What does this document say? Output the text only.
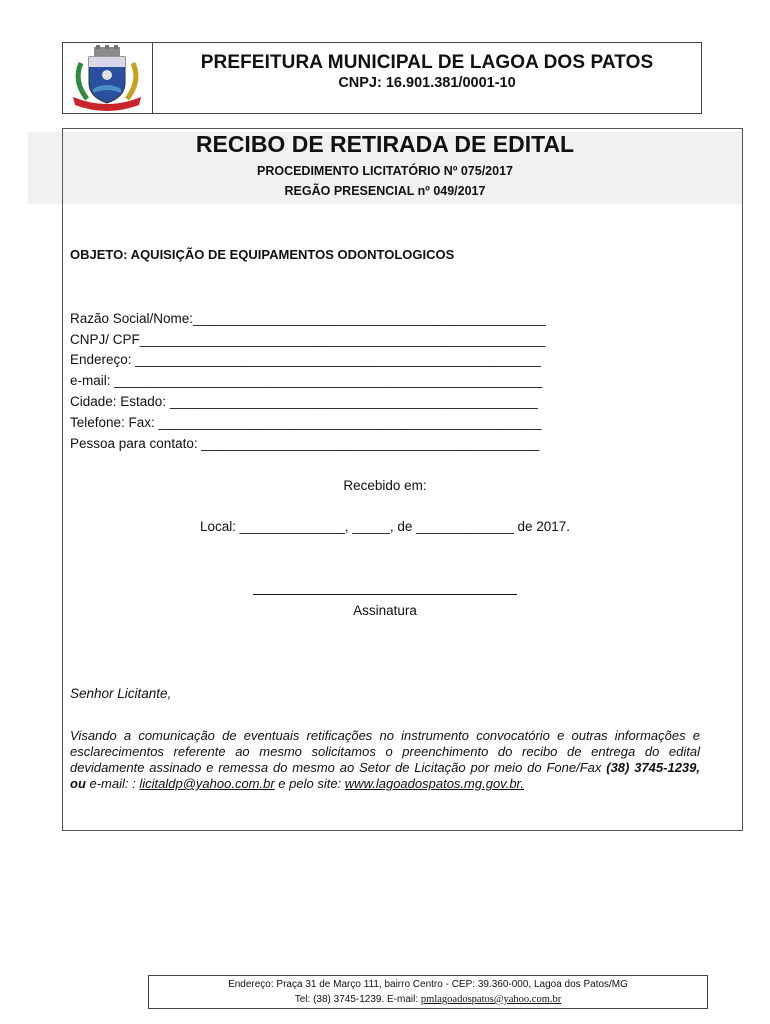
PREFEITURA MUNICIPAL DE LAGOA DOS PATOS
CNPJ: 16.901.381/0001-10
RECIBO DE RETIRADA DE EDITAL
PROCEDIMENTO LICITATÓRIO Nº 075/2017
REGÃO PRESENCIAL nº 049/2017
OBJETO: AQUISIÇÃO DE EQUIPAMENTOS ODONTOLOGICOS
Razão Social/Nome:_______________________________________________
CNPJ/ CPF______________________________________________________
Endereço: ______________________________________________________
e-mail: _________________________________________________________
Cidade: Estado: _________________________________________________
Telefone: Fax: ___________________________________________________
Pessoa para contato: _____________________________________________
Recebido em:
Local: ______________, _____, de _____________ de 2017.
Assinatura
Senhor Licitante,
Visando a comunicação de eventuais retificações no instrumento convocatório e outras informações e esclarecimentos referente ao mesmo solicitamos o preenchimento do recibo de entrega do edital devidamente assinado e remessa do mesmo ao Setor de Licitação por meio do Fone/Fax (38) 3745-1239, ou e-mail: : licitaldp@yahoo.com.br e pelo site: www.lagoadospatos.mg.gov.br.
Endereço: Praça 31 de Março 111, bairro Centro - CEP: 39.360-000, Lagoa dos Patos/MG
Tel: (38) 3745-1239. E-mail: pmlagoadospatos@yahoo.com.br
